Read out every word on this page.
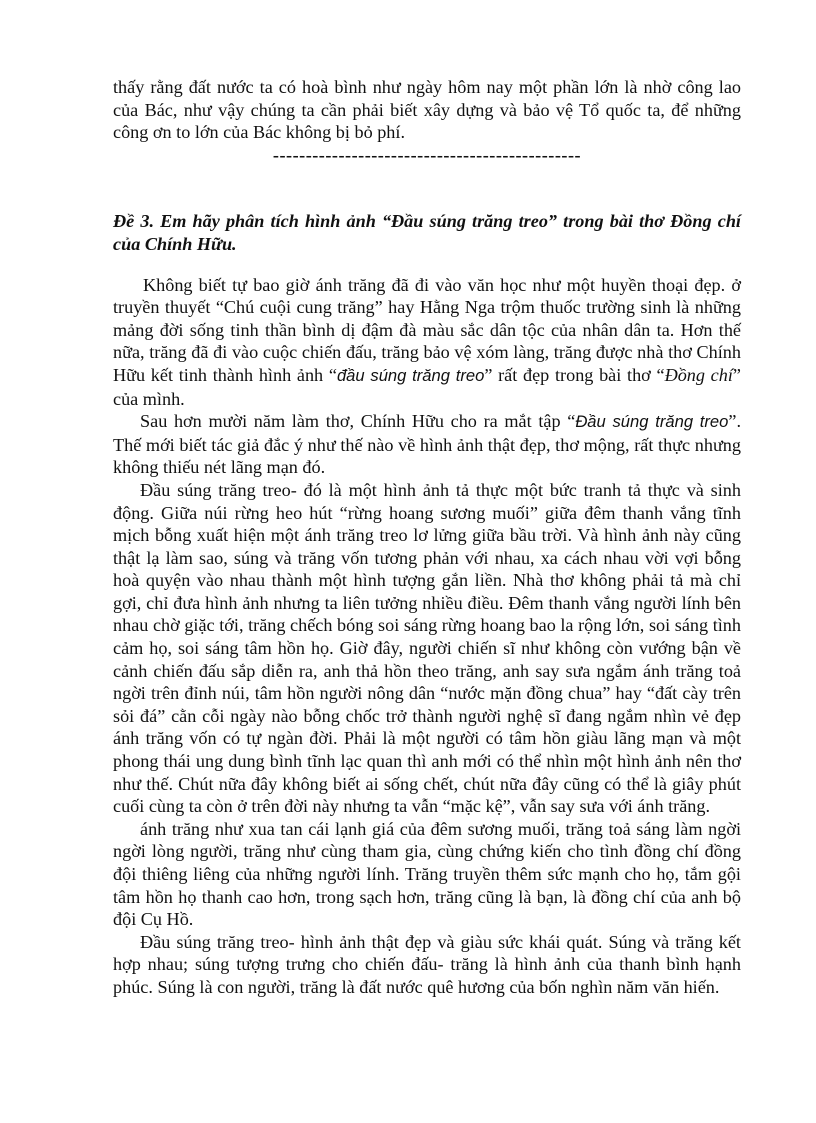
thấy rằng đất nước ta có hoà bình như ngày hôm nay một phần lớn là nhờ công lao của Bác, như vậy chúng ta cần phải biết xây dựng và bảo vệ Tổ quốc ta, để những công ơn to lớn của Bác không bị bỏ phí.

-----------------------------------------------

Đề 3. Em hãy phân tích hình ảnh “Đầu súng trăng treo” trong bài thơ Đồng chí của Chính Hữu.

Không biết tự bao giờ ánh trăng đã đi vào văn học như một huyền thoại đẹp. ở truyền thuyết “Chú cuội cung trăng” hay Hằng Nga trộm thuốc trường sinh là những mảng đời sống tinh thần bình dị đậm đà màu sắc dân tộc của nhân dân ta. Hơn thế nữa, trăng đã đi vào cuộc chiến đấu, trăng bảo vệ xóm làng, trăng được nhà thơ Chính Hữu kết tinh thành hình ảnh “đầu súng trăng treo” rất đẹp trong bài thơ “Đồng chí” của mình.

Sau hơn mười năm làm thơ, Chính Hữu cho ra mắt tập “Đầu súng trăng treo”. Thế mới biết tác giả đắc ý như thế nào về hình ảnh thật đẹp, thơ mộng, rất thực nhưng không thiếu nét lãng mạn đó.

Đầu súng trăng treo- đó là một hình ảnh tả thực một bức tranh tả thực và sinh động. Giữa núi rừng heo hút “rừng hoang sương muối” giữa đêm thanh vắng tĩnh mịch bỗng xuất hiện một ánh trăng treo lơ lửng giữa bầu trời. Và hình ảnh này cũng thật lạ làm sao, súng và trăng vốn tương phản với nhau, xa cách nhau vời vợi bỗng hoà quyện vào nhau thành một hình tượng gắn liền. Nhà thơ không phải tả mà chỉ gợi, chỉ đưa hình ảnh nhưng ta liên tưởng nhiều điều. Đêm thanh vắng người lính bên nhau chờ giặc tới, trăng chếch bóng soi sáng rừng hoang bao la rộng lớn, soi sáng tình cảm họ, soi sáng tâm hồn họ. Giờ đây, người chiến sĩ như không còn vướng bận về cảnh chiến đấu sắp diễn ra, anh thả hồn theo trăng, anh say sưa ngắm ánh trăng toả ngời trên đỉnh núi, tâm hồn người nông dân “nước mặn đồng chua” hay “đất cày trên sỏi đá” cằn cỗi ngày nào bỗng chốc trở thành người nghệ sĩ đang ngắm nhìn vẻ đẹp ánh trăng vốn có tự ngàn đời. Phải là một người có tâm hồn giàu lãng mạn và một phong thái ung dung bình tĩnh lạc quan thì anh mới có thể nhìn một hình ảnh nên thơ như thế. Chút nữa đây không biết ai sống chết, chút nữa đây cũng có thể là giây phút cuối cùng ta còn ở trên đời này nhưng ta vẫn “mặc kệ”, vẫn say sưa với ánh trăng.

ánh trăng như xua tan cái lạnh giá của đêm sương muối, trăng toả sáng làm ngời ngời lòng người, trăng như cùng tham gia, cùng chứng kiến cho tình đồng chí đồng đội thiêng liêng của những người lính. Trăng truyền thêm sức mạnh cho họ, tắm gội tâm hồn họ thanh cao hơn, trong sạch hơn, trăng cũng là bạn, là đồng chí của anh bộ đội Cụ Hồ.

Đầu súng trăng treo- hình ảnh thật đẹp và giàu sức khái quát. Súng và trăng kết hợp nhau; súng tượng trưng cho chiến đấu- trăng là hình ảnh của thanh bình hạnh phúc. Súng là con người, trăng là đất nước quê hương của bốn nghìn năm văn hiến.
